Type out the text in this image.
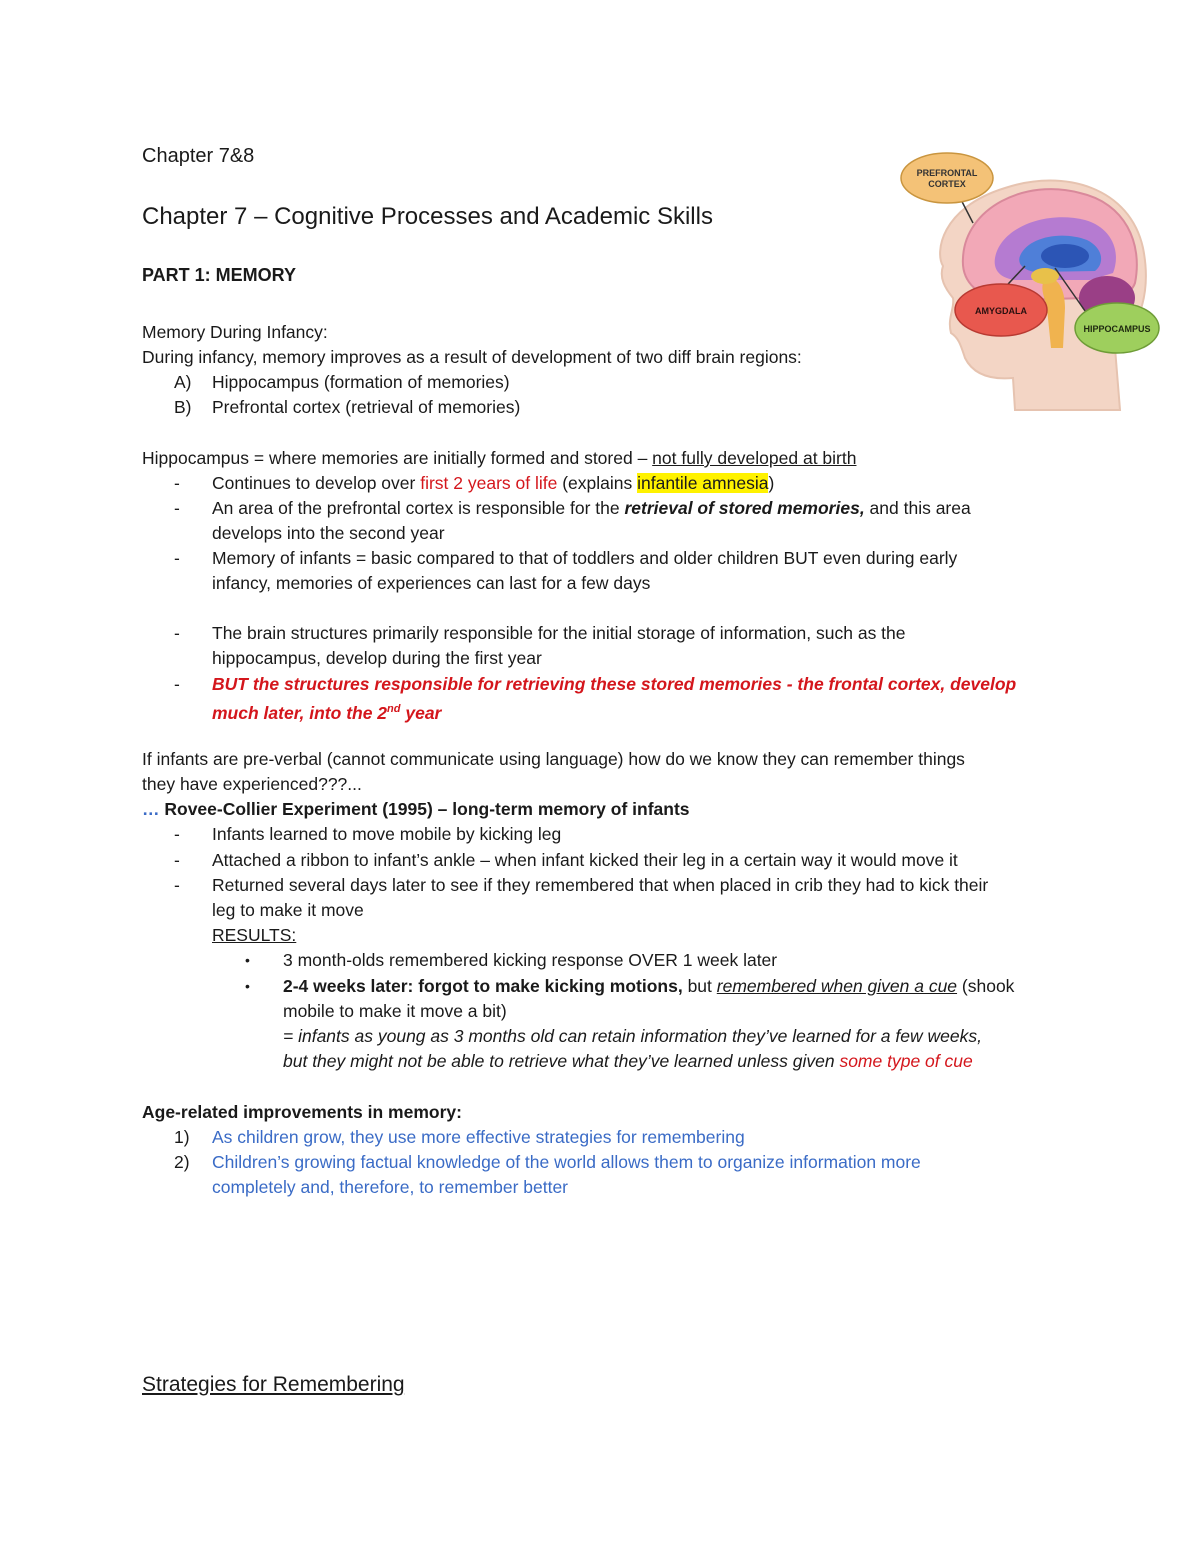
Chapter 7&8
Chapter 7 – Cognitive Processes and Academic Skills
PART 1: MEMORY
Memory During Infancy:
During infancy, memory improves as a result of development of two diff brain regions:
A) Hippocampus (formation of memories)
B) Prefrontal cortex (retrieval of memories)
Hippocampus = where memories are initially formed and stored – not fully developed at birth
- Continues to develop over first 2 years of life (explains infantile amnesia)
- An area of the prefrontal cortex is responsible for the retrieval of stored memories, and this area
develops into the second year
- Memory of infants = basic compared to that of toddlers and older children BUT even during early
infancy, memories of experiences can last for a few days
- The brain structures primarily responsible for the initial storage of information, such as the
hippocampus, develop during the first year
- BUT the structures responsible for retrieving these stored memories - the frontal cortex, develop
much later, into the 2nd year
If infants are pre-verbal (cannot communicate using language) how do we know they can remember things
they have experienced???...
… Rovee-Collier Experiment (1995) – long-term memory of infants
- Infants learned to move mobile by kicking leg
- Attached a ribbon to infant’s ankle – when infant kicked their leg in a certain way it would move it
- Returned several days later to see if they remembered that when placed in crib they had to kick their
leg to make it move
RESULTS:
• 3 month-olds remembered kicking response OVER 1 week later
• 2-4 weeks later: forgot to make kicking motions, but remembered when given a cue (shook
mobile to make it move a bit)
= infants as young as 3 months old can retain information they’ve learned for a few weeks,
but they might not be able to retrieve what they’ve learned unless given some type of cue
Age-related improvements in memory:
1) As children grow, they use more effective strategies for remembering
2) Children’s growing factual knowledge of the world allows them to organize information more
completely and, therefore, to remember better
Strategies for Remembering
PREFRONTAL
CORTEX
AMYGDALA
HIPPOCAMPUS
